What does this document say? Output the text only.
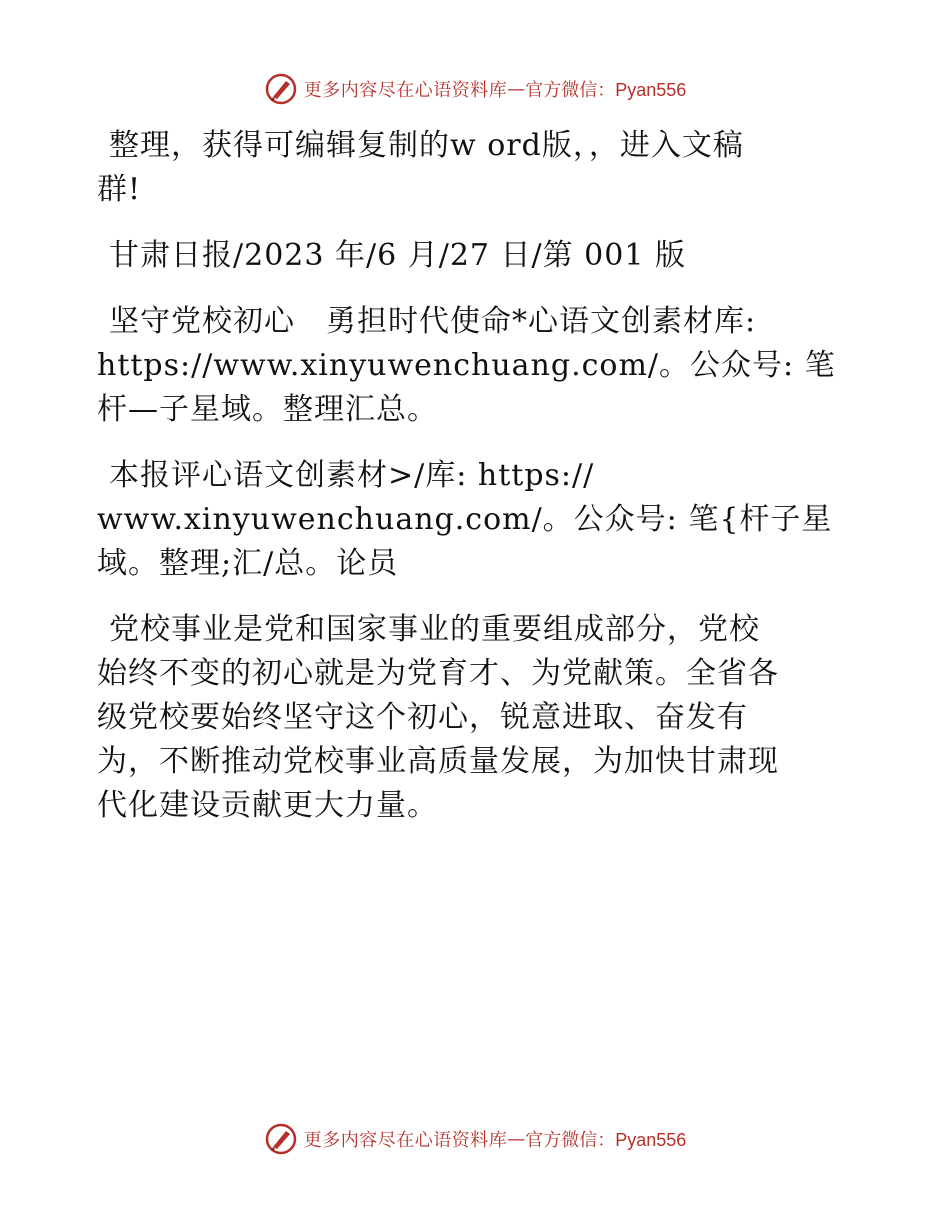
更多内容尽在心语资料库 — 官方微信：Pyan556
整理，获得可编辑复制的w ord版，，进入文稿
群!
甘肃日报/2023 年/6 月/27 日/第 001 版
坚守党校初心　勇担时代使命*心语文创素材库:
https://www.xinyuwenchuang.com/。公众号: 笔
杆—子星域。整理汇总。
本报评心语文创素材>/库: https://
www.xinyuwenchuang.com/。公众号: 笔{杆子星
域。整理;汇/总。论员
党校事业是党和国家事业的重要组成部分，党校
始终不变的初心就是为党育才、为党献策。全省各
级党校要始终坚守这个初心，锐意进取、奋发有
为，不断推动党校事业高质量发展，为加快甘肃现
代化建设贡献更大力量。
更多内容尽在心语资料库 — 官方微信：Pyan556
